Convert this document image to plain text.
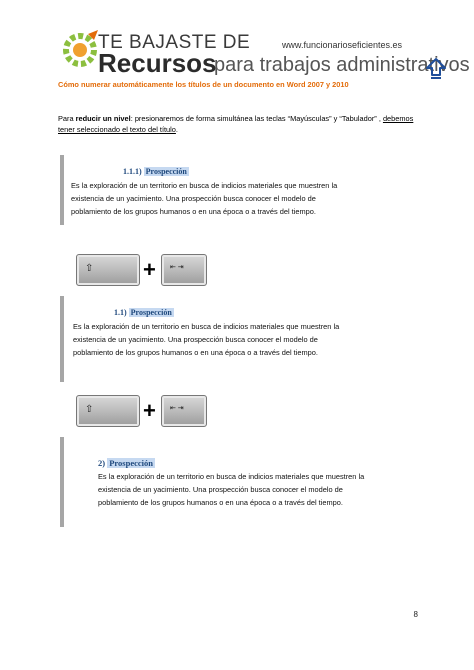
TE BAJASTE DE
Recursos
para trabajos administrativos
www.funcionarioseficientes.es
Cómo numerar automáticamente los títulos de un documento en Word 2007 y 2010
Para reducir un nivel: presionaremos de forma simultánea las teclas “Mayúsculas” y “Tabulador” , debemos tener seleccionado el texto del título.
1.1.1) Prospección
Es la exploración de un territorio en busca de indicios materiales que muestren la
existencia de un yacimiento. Una prospección busca conocer el modelo de
poblamiento de los grupos humanos o en una época o a través del tiempo.
⇧ + ⇤ ⇥
1.1) Prospección
Es la exploración de un territorio en busca de indicios materiales que muestren la
existencia de un yacimiento. Una prospección busca conocer el modelo de
poblamiento de los grupos humanos o en una época o a través del tiempo.
⇧ + ⇤ ⇥
2) Prospección
Es la exploración de un territorio en busca de indicios materiales que muestren la
existencia de un yacimiento. Una prospección busca conocer el modelo de
poblamiento de los grupos humanos o en una época o a través del tiempo.
8
